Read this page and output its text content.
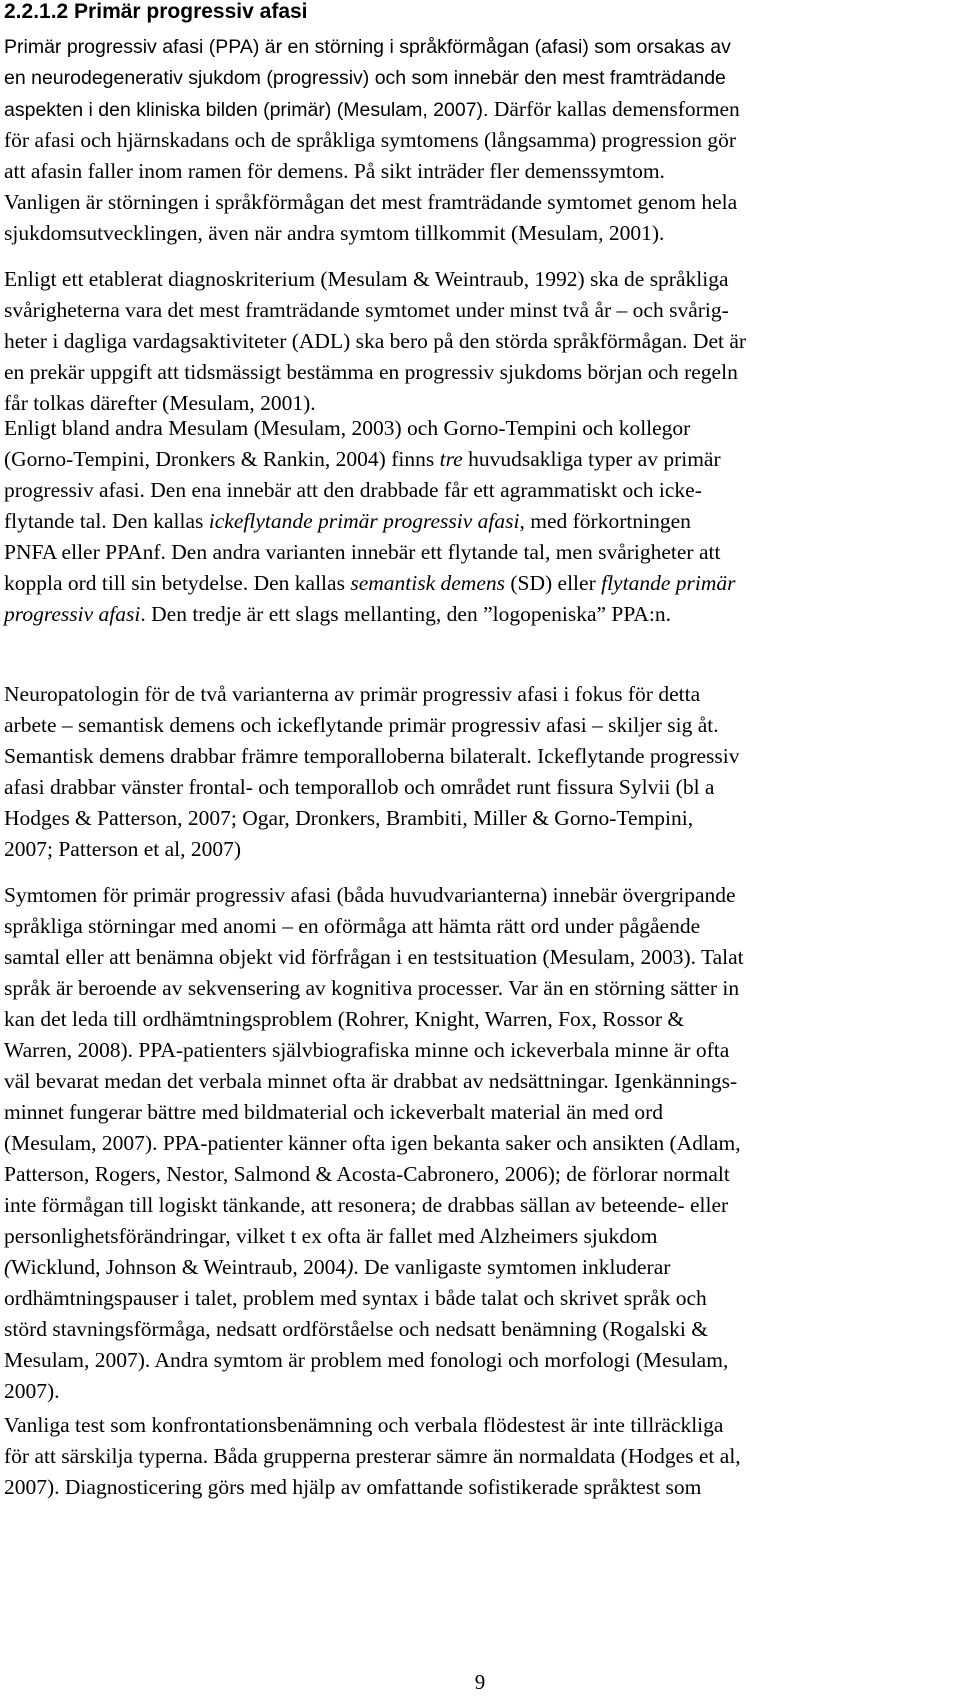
2.2.1.2 Primär progressiv afasi
Primär progressiv afasi (PPA) är en störning i språkförmågan (afasi) som orsakas av
en neurodegenerativ sjukdom (progressiv) och som innebär den mest framträdande
aspekten i den kliniska bilden (primär) (Mesulam, 2007). Därför kallas demensformen
för afasi och hjärnskadans och de språkliga symtomens (långsamma) progression gör
att afasin faller inom ramen för demens. På sikt inträder fler demenssymtom.
Vanligen är störningen i språkförmågan det mest framträdande symtomet genom hela
sjukdomsutvecklingen, även när andra symtom tillkommit (Mesulam, 2001).
Enligt ett etablerat diagnoskriterium (Mesulam & Weintraub, 1992) ska de språkliga
svårigheterna vara det mest framträdande symtomet under minst två år – och svårig-
heter i dagliga vardagsaktiviteter (ADL) ska bero på den störda språkförmågan. Det är
en prekär uppgift att tidsmässigt bestämma en progressiv sjukdoms början och regeln
får tolkas därefter (Mesulam, 2001).
Enligt bland andra Mesulam (Mesulam, 2003) och Gorno-Tempini och kollegor
(Gorno-Tempini, Dronkers & Rankin, 2004) finns tre huvudsakliga typer av primär
progressiv afasi. Den ena innebär att den drabbade får ett agrammatiskt och icke-
flytande tal. Den kallas ickeflytande primär progressiv afasi, med förkortningen
PNFA eller PPAnf. Den andra varianten innebär ett flytande tal, men svårigheter att
koppla ord till sin betydelse. Den kallas semantisk demens (SD) eller flytande primär
progressiv afasi. Den tredje är ett slags mellanting, den ”logopeniska” PPA:n.
Neuropatologin för de två varianterna av primär progressiv afasi i fokus för detta
arbete – semantisk demens och ickeflytande primär progressiv afasi – skiljer sig åt.
Semantisk demens drabbar främre temporalloberna bilateralt. Ickeflytande progressiv
afasi drabbar vänster frontal- och temporallob och området runt fissura Sylvii (bl a
Hodges & Patterson, 2007; Ogar, Dronkers, Brambiti, Miller & Gorno-Tempini,
2007; Patterson et al, 2007)
Symtomen för primär progressiv afasi (båda huvudvarianterna) innebär övergripande
språkliga störningar med anomi – en oförmåga att hämta rätt ord under pågående
samtal eller att benämna objekt vid förfrågan i en testsituation (Mesulam, 2003). Talat
språk är beroende av sekvensering av kognitiva processer. Var än en störning sätter in
kan det leda till ordhämtningsproblem (Rohrer, Knight, Warren, Fox, Rossor &
Warren, 2008). PPA-patienters självbiografiska minne och ickeverbala minne är ofta
väl bevarat medan det verbala minnet ofta är drabbat av nedsättningar. Igenkännings-
minnet fungerar bättre med bildmaterial och ickeverbalt material än med ord
(Mesulam, 2007). PPA-patienter känner ofta igen bekanta saker och ansikten (Adlam,
Patterson, Rogers, Nestor, Salmond & Acosta-Cabronero, 2006); de förlorar normalt
inte förmågan till logiskt tänkande, att resonera; de drabbas sällan av beteende- eller
personlighetsförändringar, vilket t ex ofta är fallet med Alzheimers sjukdom
(Wicklund, Johnson & Weintraub, 2004). De vanligaste symtomen inkluderar
ordhämtningspauser i talet, problem med syntax i både talat och skrivet språk och
störd stavningsförmåga, nedsatt ordförståelse och nedsatt benämning (Rogalski &
Mesulam, 2007). Andra symtom är problem med fonologi och morfologi (Mesulam,
2007).
Vanliga test som konfrontationsbenämning och verbala flödestest är inte tillräckliga
för att särskilja typerna. Båda grupperna presterar sämre än normaldata (Hodges et al,
2007). Diagnosticering görs med hjälp av omfattande sofistikerade språktest som
9
